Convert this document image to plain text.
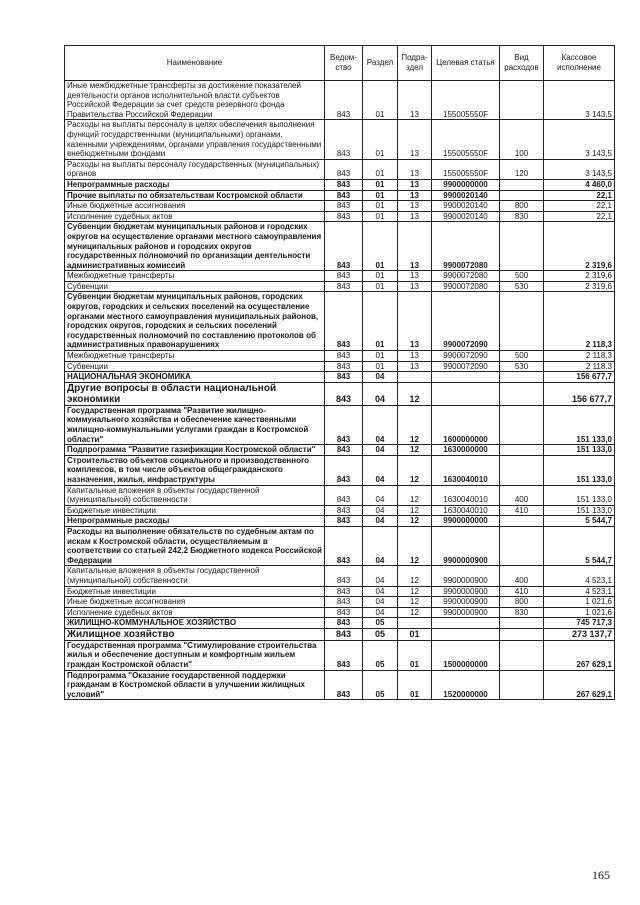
Наименование	Ведом-ство	Раздел	Подра-здел	Целевая статья	Вид расходов	Кассовое исполнение
Иные межбюджетные трансферты за достижение показателей деятельности органов исполнительной власти субъектов Российской Федерации за счет средств резервного фонда Правительства Российской Федерации	843	01	13	155005550F		3 143,5
Расходы на выплаты персоналу в целях обеспечения выполнения функций государственными (муниципальными) органами, казенными учреждениями, органами управления государственными внебюджетными фондами	843	01	13	155005550F	100	3 143,5
Расходы на выплаты персоналу государственных (муниципальных) органов	843	01	13	155005550F	120	3 143,5
Непрограммные расходы	843	01	13	9900000000		4 460,0
Прочие выплаты по обязательствам Костромской области	843	01	13	9900020140		22,1
Иные бюджетные ассигнования	843	01	13	9900020140	800	22,1
Исполнение судебных актов	843	01	13	9900020140	830	22,1
Субвенции бюджетам муниципальных районов и городских округов на осуществление органами местного самоуправления муниципальных районов и городских округов государственных полномочий по организации деятельности административных комиссий	843	01	13	9900072080		2 319,6
Межбюджетные трансферты	843	01	13	9900072080	500	2 319,6
Субвенции	843	01	13	9900072080	530	2 319,6
Субвенции бюджетам муниципальных районов, городских округов, городских и сельских поселений на осуществление органами местного самоуправления муниципальных районов, городских округов, городских и сельских поселений государственных полномочий по составлению протоколов об административных правонарушениях	843	01	13	9900072090		2 118,3
Межбюджетные трансферты	843	01	13	9900072090	500	2 118,3
Субвенции	843	01	13	9900072090	530	2 118,3
НАЦИОНАЛЬНАЯ ЭКОНОМИКА	843	04				156 677,7
Другие вопросы в области национальной экономики	843	04	12			156 677,7
Государственная программа "Развитие жилищно-коммунального хозяйства и обеспечение качественными жилищно-коммунальными услугами граждан в Костромской области"	843	04	12	1600000000		151 133,0
Подпрограмма "Развитие газификации Костромской области"	843	04	12	1630000000		151 133,0
Строительство объектов социального и производственного комплексов, в том числе объектов общегражданского назначения, жилья, инфраструктуры	843	04	12	1630040010		151 133,0
Капитальные вложения в объекты государственной (муниципальной) собственности	843	04	12	1630040010	400	151 133,0
Бюджетные инвестиции	843	04	12	1630040010	410	151 133,0
Непрограммные расходы	843	04	12	9900000000		5 544,7
Расходы на выполнение обязательств по судебным актам по искам к Костромской области, осуществляемым в соответствии со статьей 242.2 Бюджетного кодекса Российской Федерации	843	04	12	9900000900		5 544,7
Капитальные вложения в объекты государственной (муниципальной) собственности	843	04	12	9900000900	400	4 523,1
Бюджетные инвестиции	843	04	12	9900000900	410	4 523,1
Иные бюджетные ассигнования	843	04	12	9900000900	800	1 021,6
Исполнение судебных актов	843	04	12	9900000900	830	1 021,6
ЖИЛИЩНО-КОММУНАЛЬНОЕ ХОЗЯЙСТВО	843	05				745 717,3
Жилищное хозяйство	843	05	01			273 137,7
Государственная программа "Стимулирование строительства жилья и обеспечение доступным и комфортным жильем граждан Костромской области"	843	05	01	1500000000		267 629,1
Подпрограмма "Оказание государственной поддержки гражданам в Костромской области в улучшении жилищных условий"	843	05	01	1520000000		267 629,1
165
